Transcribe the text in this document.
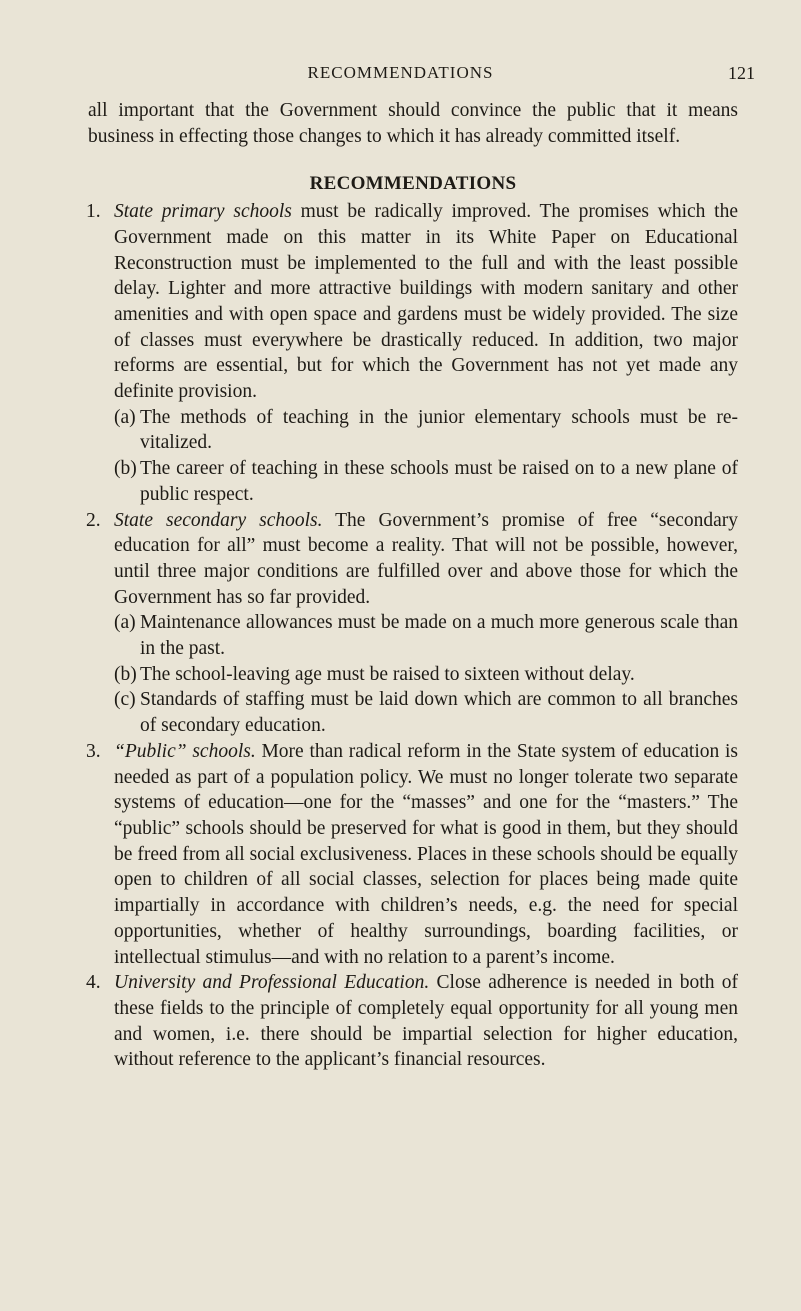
RECOMMENDATIONS	121

all important that the Government should convince the public that it means business in effecting those changes to which it has already committed itself.

RECOMMENDATIONS
1. State primary schools must be radically improved. The promises which the Government made on this matter in its White Paper on Educational Reconstruction must be implemented to the full and with the least possible delay. Lighter and more attractive buildings with modern sanitary and other amenities and with open space and gardens must be widely provided. The size of classes must everywhere be drastically reduced. In addition, two major reforms are essential, but for which the Government has not yet made any definite provision.

(a) The methods of teaching in the junior elementary schools must be re-vitalized.
(b) The career of teaching in these schools must be raised on to a new plane of public respect.
2. State secondary schools. The Government’s promise of free “secondary education for all” must become a reality. That will not be possible, however, until three major conditions are fulfilled over and above those for which the Government has so far provided.

(a) Maintenance allowances must be made on a much more generous scale than in the past.
(b) The school-leaving age must be raised to sixteen without delay.
(c) Standards of staffing must be laid down which are common to all branches of secondary education.
3. “Public” schools. More than radical reform in the State system of education is needed as part of a population policy. We must no longer tolerate two separate systems of education—one for the “masses” and one for the “masters.” The “public” schools should be preserved for what is good in them, but they should be freed from all social exclusiveness. Places in these schools should be equally open to children of all social classes, selection for places being made quite impartially in accordance with children’s needs, e.g. the need for special opportunities, whether of healthy surroundings, boarding facilities, or intellectual stimulus—and with no relation to a parent’s income.

4. University and Professional Education. Close adherence is needed in both of these fields to the principle of completely equal opportunity for all young men and women, i.e. there should be impartial selection for higher education, without reference to the applicant’s financial resources.
